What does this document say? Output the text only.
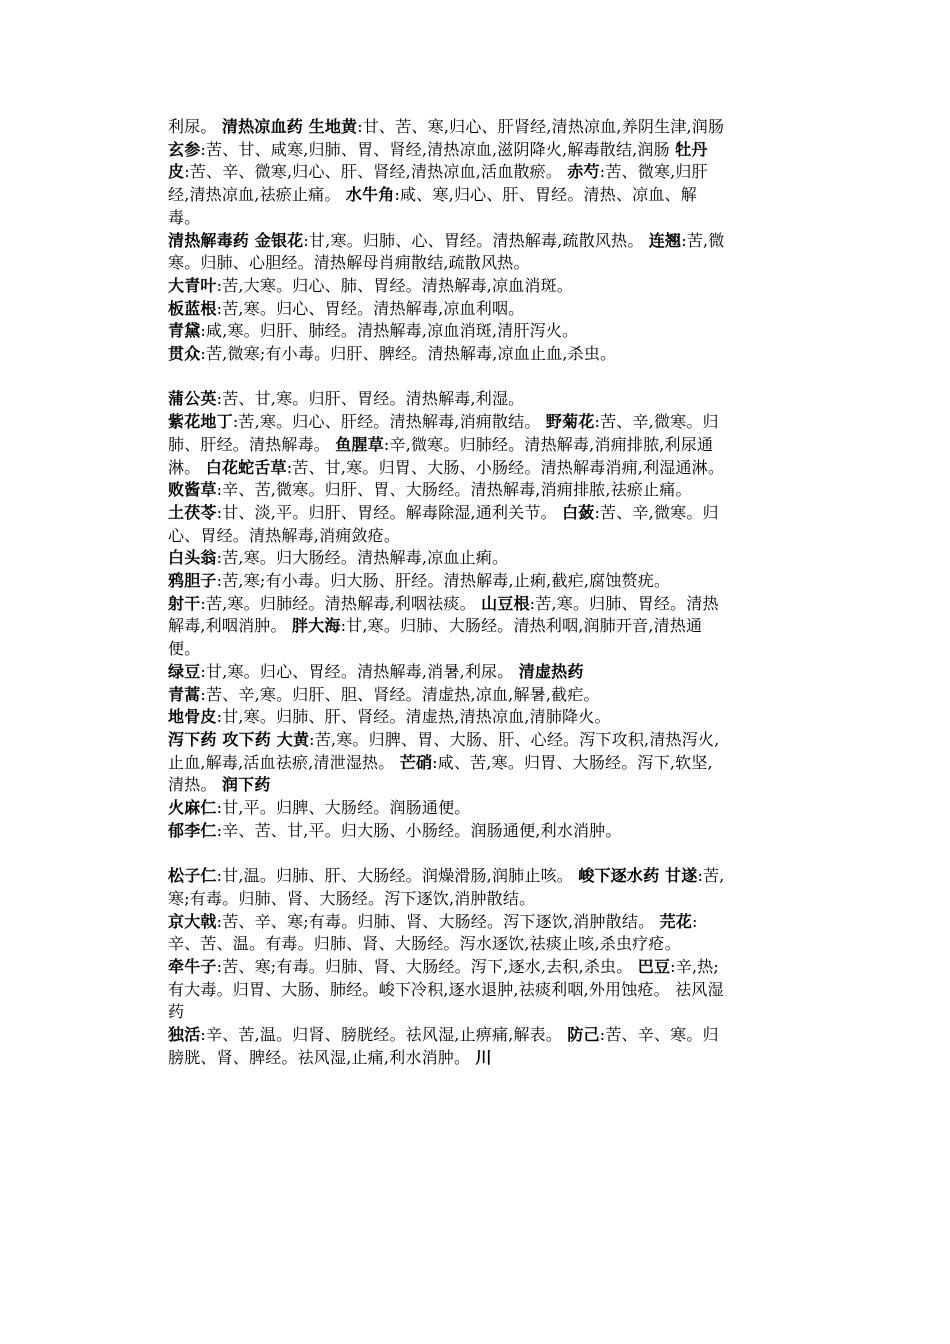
利尿。 清热凉血药 生地黄:甘、苦、寒,归心、肝肾经,清热凉血,养阴生津,润肠

玄参:苦、甘、咸寒,归肺、胃、肾经,清热凉血,滋阴降火,解毒散结,润肠 牡丹皮:苦、辛、微寒,归心、肝、肾经,清热凉血,活血散瘀。 赤芍:苦、微寒,归肝经,清热凉血,祛瘀止痛。 水牛角:咸、寒,归心、肝、胃经。清热、凉血、解毒。

清热解毒药 金银花:甘,寒。归肺、心、胃经。清热解毒,疏散风热。 连翘:苦,微寒。归肺、心胆经。清热解母肖痈散结,疏散风热。

大青叶:苦,大寒。归心、肺、胃经。清热解毒,凉血消斑。

板蓝根:苦,寒。归心、胃经。清热解毒,凉血利咽。

青黛:咸,寒。归肝、肺经。清热解毒,凉血消斑,清肝泻火。

贯众:苦,微寒;有小毒。归肝、脾经。清热解毒,凉血止血,杀虫。

蒲公英:苦、甘,寒。归肝、胃经。清热解毒,利湿。

紫花地丁:苦,寒。归心、肝经。清热解毒,消痈散结。 野菊花:苦、辛,微寒。归肺、肝经。清热解毒。 鱼腥草:辛,微寒。归肺经。清热解毒,消痈排脓,利尿通淋。 白花蛇舌草:苦、甘,寒。归胃、大肠、小肠经。清热解毒消痈,利湿通淋。

败酱草:辛、苦,微寒。归肝、胃、大肠经。清热解毒,消痈排脓,祛瘀止痛。

土茯苓:甘、淡,平。归肝、胃经。解毒除湿,通利关节。 白蔹:苦、辛,微寒。归心、胃经。清热解毒,消痈敛疮。

白头翁:苦,寒。归大肠经。清热解毒,凉血止痢。

鸦胆子:苦,寒;有小毒。归大肠、肝经。清热解毒,止痢,截疟,腐蚀赘疣。

射干:苦,寒。归肺经。清热解毒,利咽祛痰。 山豆根:苦,寒。归肺、胃经。清热解毒,利咽消肿。 胖大海:甘,寒。归肺、大肠经。清热利咽,润肺开音,清热通便。

绿豆:甘,寒。归心、胃经。清热解毒,消暑,利尿。 清虚热药

青蒿:苦、辛,寒。归肝、胆、肾经。清虚热,凉血,解暑,截疟。

地骨皮:甘,寒。归肺、肝、肾经。清虚热,清热凉血,清肺降火。

泻下药 攻下药 大黄:苦,寒。归脾、胃、大肠、肝、心经。泻下攻积,清热泻火,止血,解毒,活血祛瘀,清泄湿热。 芒硝:咸、苦,寒。归胃、大肠经。泻下,软坚,清热。 润下药

火麻仁:甘,平。归脾、大肠经。润肠通便。

郁李仁:辛、苦、甘,平。归大肠、小肠经。润肠通便,利水消肿。

松子仁:甘,温。归肺、肝、大肠经。润燥滑肠,润肺止咳。 峻下逐水药 甘遂:苦,寒;有毒。归肺、肾、大肠经。泻下逐饮,消肿散结。

京大戟:苦、辛、寒;有毒。归肺、肾、大肠经。泻下逐饮,消肿散结。 芫花:辛、苦、温。有毒。归肺、肾、大肠经。泻水逐饮,祛痰止咳,杀虫疗疮。

牵牛子:苦、寒;有毒。归肺、肾、大肠经。泻下,逐水,去积,杀虫。 巴豆:辛,热;有大毒。归胃、大肠、肺经。峻下冷积,逐水退肿,祛痰利咽,外用蚀疮。 祛风湿药

独活:辛、苦,温。归肾、膀胱经。祛风湿,止痹痛,解表。 防己:苦、辛、寒。归膀胱、肾、脾经。祛风湿,止痛,利水消肿。 川
